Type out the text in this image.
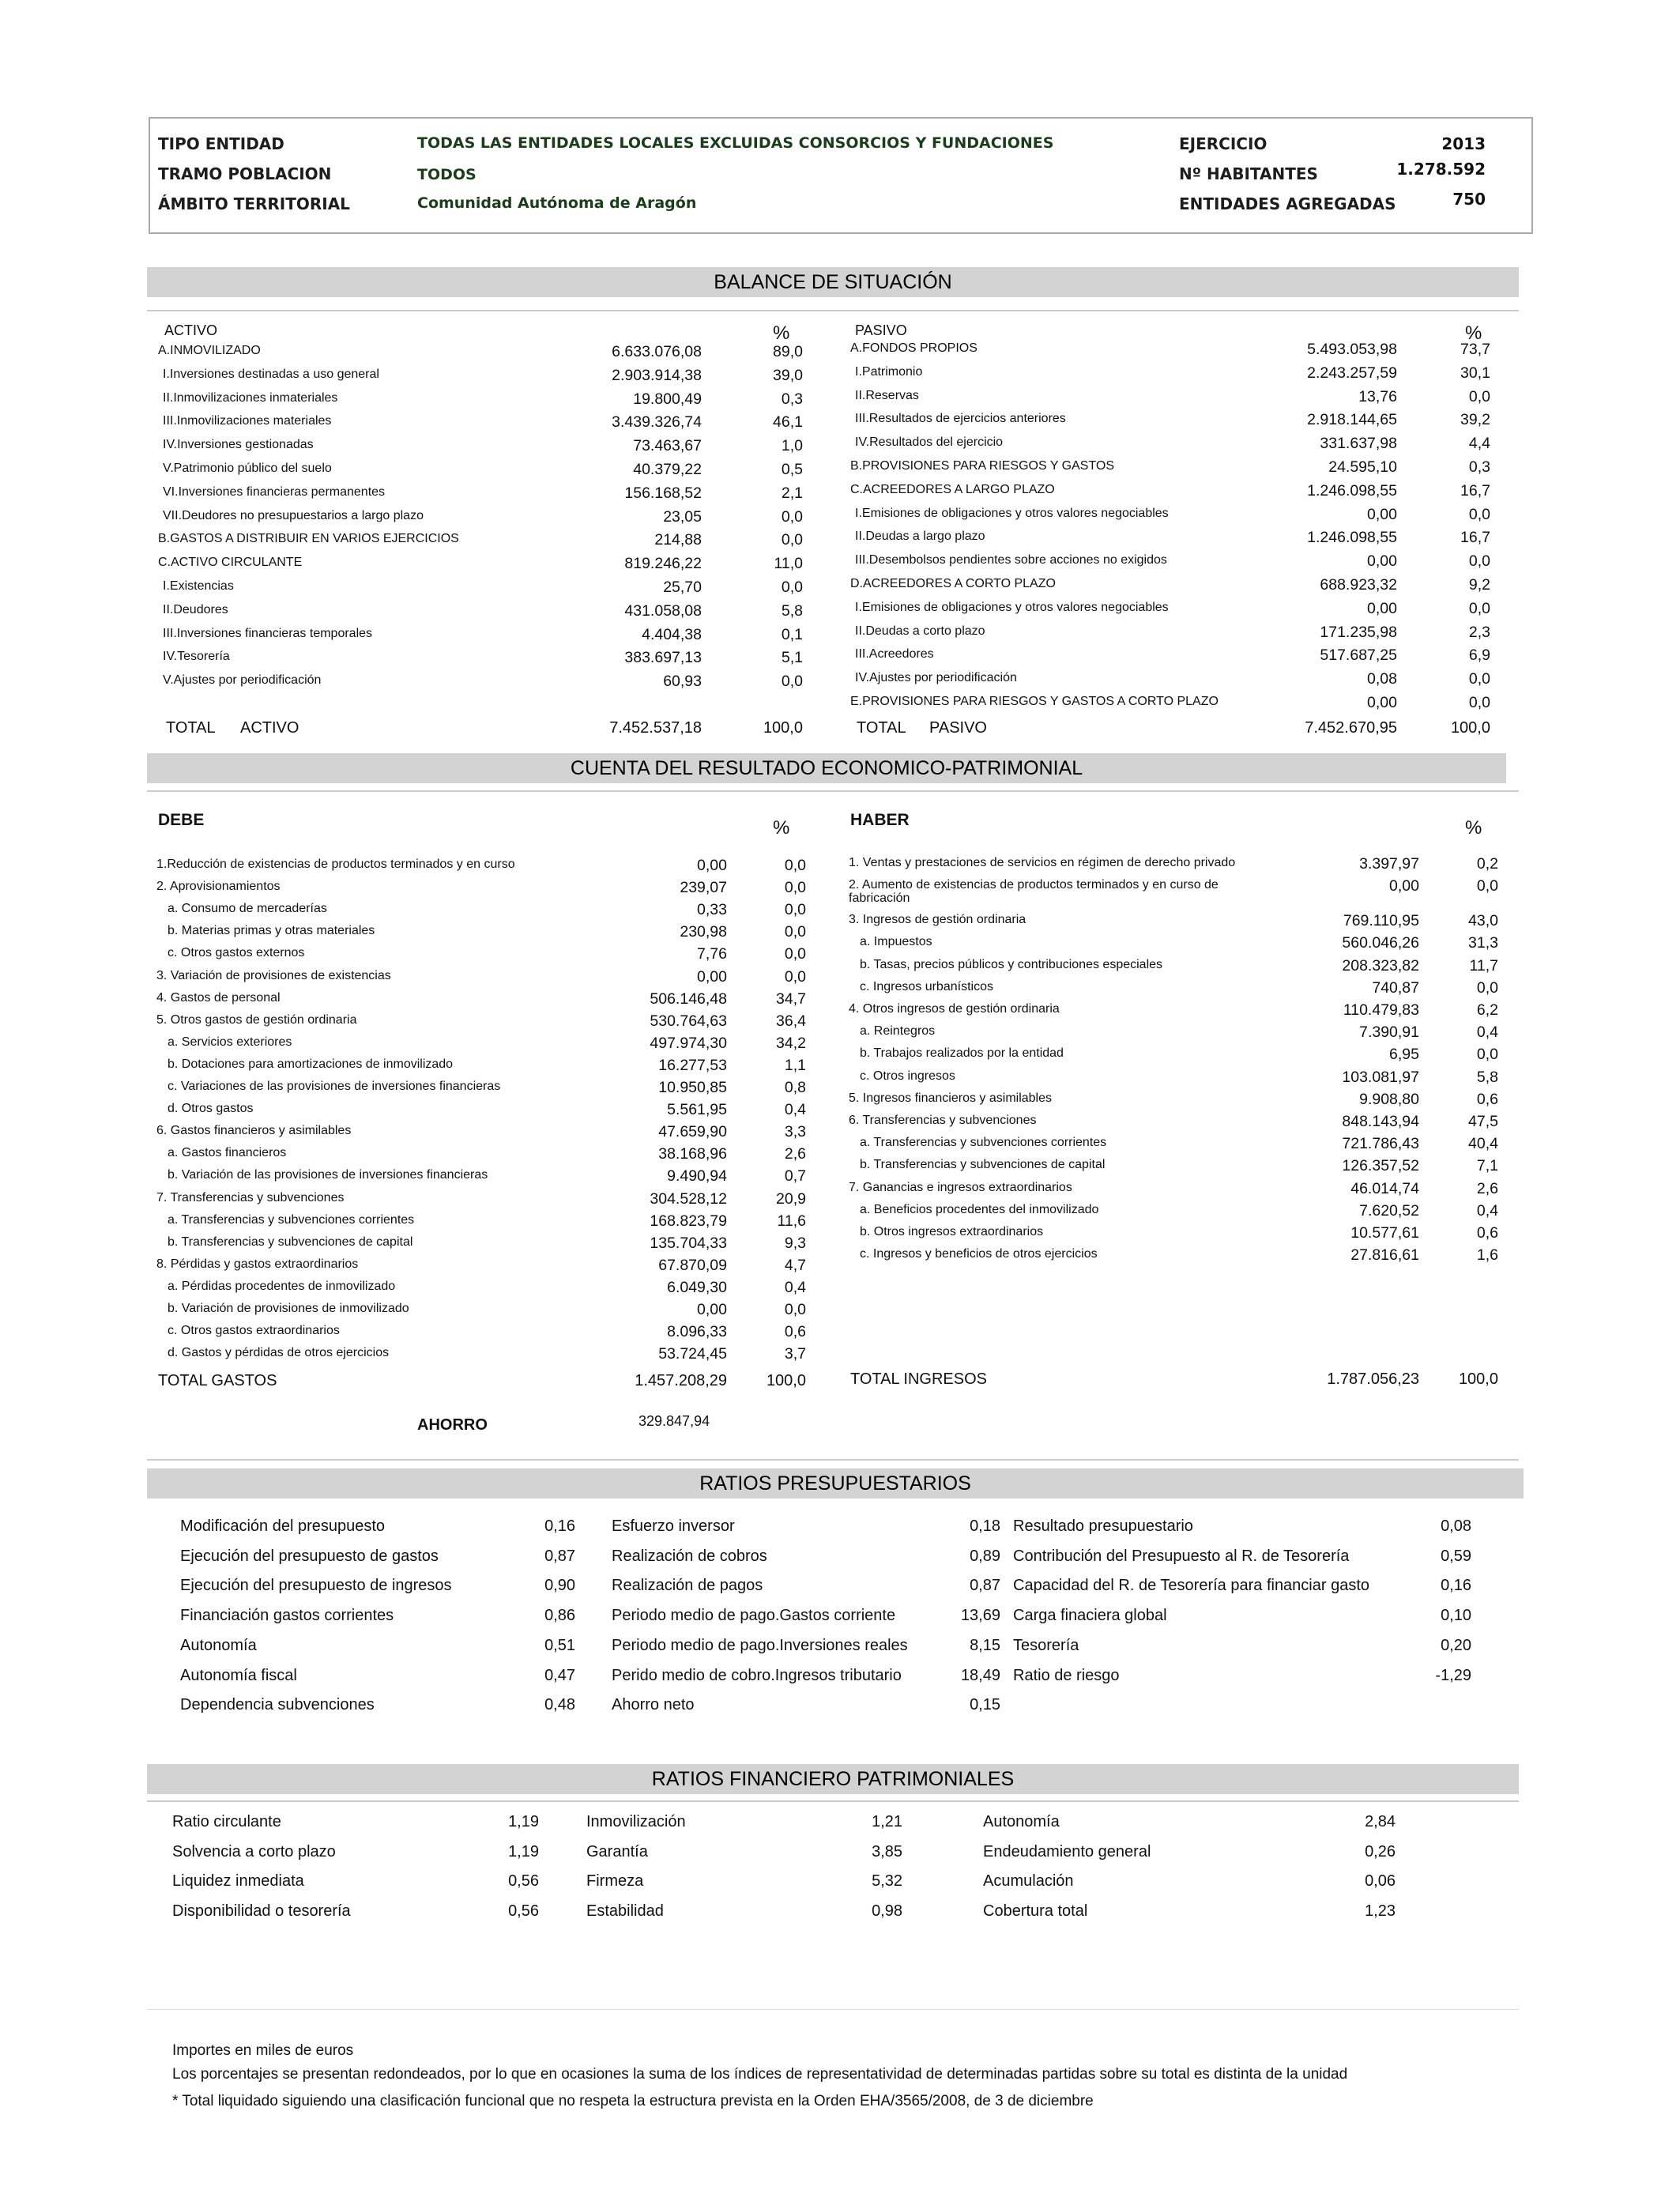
TIPO ENTIDAD	TODAS LAS ENTIDADES LOCALES EXCLUIDAS CONSORCIOS Y FUNDACIONES
TRAMO POBLACION	TODOS
ÁMBITO TERRITORIAL	Comunidad Autónoma de Aragón
EJERCICIO	2013
Nº HABITANTES	1.278.592
ENTIDADES AGREGADAS	750
BALANCE DE SITUACIÓN
ACTIVO	%	PASIVO	%
A.INMOVILIZADO	6.633.076,08	89,0
I.Inversiones destinadas a uso general	2.903.914,38	39,0
II.Inmovilizaciones inmateriales	19.800,49	0,3
III.Inmovilizaciones materiales	3.439.326,74	46,1
IV.Inversiones gestionadas	73.463,67	1,0
V.Patrimonio público del suelo	40.379,22	0,5
VI.Inversiones financieras permanentes	156.168,52	2,1
VII.Deudores no presupuestarios a largo plazo	23,05	0,0
B.GASTOS A DISTRIBUIR EN VARIOS EJERCICIOS	214,88	0,0
C.ACTIVO CIRCULANTE	819.246,22	11,0
I.Existencias	25,70	0,0
II.Deudores	431.058,08	5,8
III.Inversiones financieras temporales	4.404,38	0,1
IV.Tesorería	383.697,13	5,1
V.Ajustes por periodificación	60,93	0,0
A.FONDOS PROPIOS	5.493.053,98	73,7
I.Patrimonio	2.243.257,59	30,1
II.Reservas	13,76	0,0
III.Resultados de ejercicios anteriores	2.918.144,65	39,2
IV.Resultados del ejercicio	331.637,98	4,4
B.PROVISIONES PARA RIESGOS Y GASTOS	24.595,10	0,3
C.ACREEDORES A LARGO PLAZO	1.246.098,55	16,7
I.Emisiones de obligaciones y otros valores negociables	0,00	0,0
II.Deudas a largo plazo	1.246.098,55	16,7
III.Desembolsos pendientes sobre acciones no exigidos	0,00	0,0
D.ACREEDORES A CORTO PLAZO	688.923,32	9,2
I.Emisiones de obligaciones y otros valores negociables	0,00	0,0
II.Deudas a corto plazo	171.235,98	2,3
III.Acreedores	517.687,25	6,9
IV.Ajustes por periodificación	0,08	0,0
E.PROVISIONES PARA RIESGOS Y GASTOS A CORTO PLAZO	0,00	0,0
TOTAL ACTIVO	7.452.537,18	100,0	TOTAL PASIVO	7.452.670,95	100,0
CUENTA DEL RESULTADO ECONOMICO-PATRIMONIAL
DEBE	%	HABER	%
1.Reducción de existencias de productos terminados y en curso	0,00	0,0
2. Aprovisionamientos	239,07	0,0
a. Consumo de mercaderías	0,33	0,0
b. Materias primas y otras materiales	230,98	0,0
c. Otros gastos externos	7,76	0,0
3. Variación de provisiones de existencias	0,00	0,0
4. Gastos de personal	506.146,48	34,7
5. Otros gastos de gestión ordinaria	530.764,63	36,4
a. Servicios exteriores	497.974,30	34,2
b. Dotaciones para amortizaciones de inmovilizado	16.277,53	1,1
c. Variaciones de las provisiones de inversiones financieras	10.950,85	0,8
d. Otros gastos	5.561,95	0,4
6. Gastos financieros y asimilables	47.659,90	3,3
a. Gastos financieros	38.168,96	2,6
b. Variación de las provisiones de inversiones financieras	9.490,94	0,7
7. Transferencias y subvenciones	304.528,12	20,9
a. Transferencias y subvenciones corrientes	168.823,79	11,6
b. Transferencias y subvenciones de capital	135.704,33	9,3
8. Pérdidas y gastos extraordinarios	67.870,09	4,7
a. Pérdidas procedentes de inmovilizado	6.049,30	0,4
b. Variación de provisiones de inmovilizado	0,00	0,0
c. Otros gastos extraordinarios	8.096,33	0,6
d. Gastos y pérdidas de otros ejercicios	53.724,45	3,7
1. Ventas y prestaciones de servicios en régimen de derecho privado	3.397,97	0,2
2. Aumento de existencias de productos terminados y en curso de fabricación
0,00	0,0
3. Ingresos de gestión ordinaria	769.110,95	43,0
a. Impuestos	560.046,26	31,3
b. Tasas, precios públicos y contribuciones especiales	208.323,82	11,7
c. Ingresos urbanísticos	740,87	0,0
4. Otros ingresos de gestión ordinaria	110.479,83	6,2
a. Reintegros	7.390,91	0,4
b. Trabajos realizados por la entidad	6,95	0,0
c. Otros ingresos	103.081,97	5,8
5. Ingresos financieros y asimilables	9.908,80	0,6
6. Transferencias y subvenciones	848.143,94	47,5
a. Transferencias y subvenciones corrientes	721.786,43	40,4
b. Transferencias y subvenciones de capital	126.357,52	7,1
7. Ganancias e ingresos extraordinarios	46.014,74	2,6
a. Beneficios procedentes del inmovilizado	7.620,52	0,4
b. Otros ingresos extraordinarios	10.577,61	0,6
c. Ingresos y beneficios de otros ejercicios	27.816,61	1,6
TOTAL GASTOS	1.457.208,29	100,0	TOTAL INGRESOS	1.787.056,23	100,0
AHORRO	329.847,94
RATIOS PRESUPUESTARIOS
Modificación del presupuesto	0,16
Ejecución del presupuesto de gastos	0,87
Ejecución del presupuesto de ingresos	0,90
Financiación gastos corrientes	0,86
Autonomía	0,51
Autonomía fiscal	0,47
Dependencia subvenciones	0,48
Esfuerzo inversor	0,18
Realización de cobros	0,89
Realización de pagos	0,87
Periodo medio de pago.Gastos corriente	13,69
Periodo medio de pago.Inversiones reales	8,15
Perido medio de cobro.Ingresos tributario	18,49
Ahorro neto	0,15
Resultado presupuestario	0,08
Contribución del Presupuesto al R. de Tesorería	0,59
Capacidad del R. de Tesorería para financiar gasto	0,16
Carga finaciera global	0,10
Tesorería	0,20
Ratio de riesgo	-1,29
RATIOS FINANCIERO PATRIMONIALES
Ratio circulante	1,19
Solvencia a corto plazo	1,19
Liquidez inmediata	0,56
Disponibilidad o tesorería	0,56
Inmovilización	1,21
Garantía	3,85
Firmeza	5,32
Estabilidad	0,98
Autonomía	2,84
Endeudamiento general	0,26
Acumulación	0,06
Cobertura total	1,23
Importes en miles de euros
Los porcentajes se presentan redondeados, por lo que en ocasiones la suma de los índices de representatividad de determinadas partidas sobre su total es distinta de la unidad
* Total liquidado siguiendo una clasificación funcional que no respeta la estructura prevista en la Orden EHA/3565/2008, de 3 de diciembre
